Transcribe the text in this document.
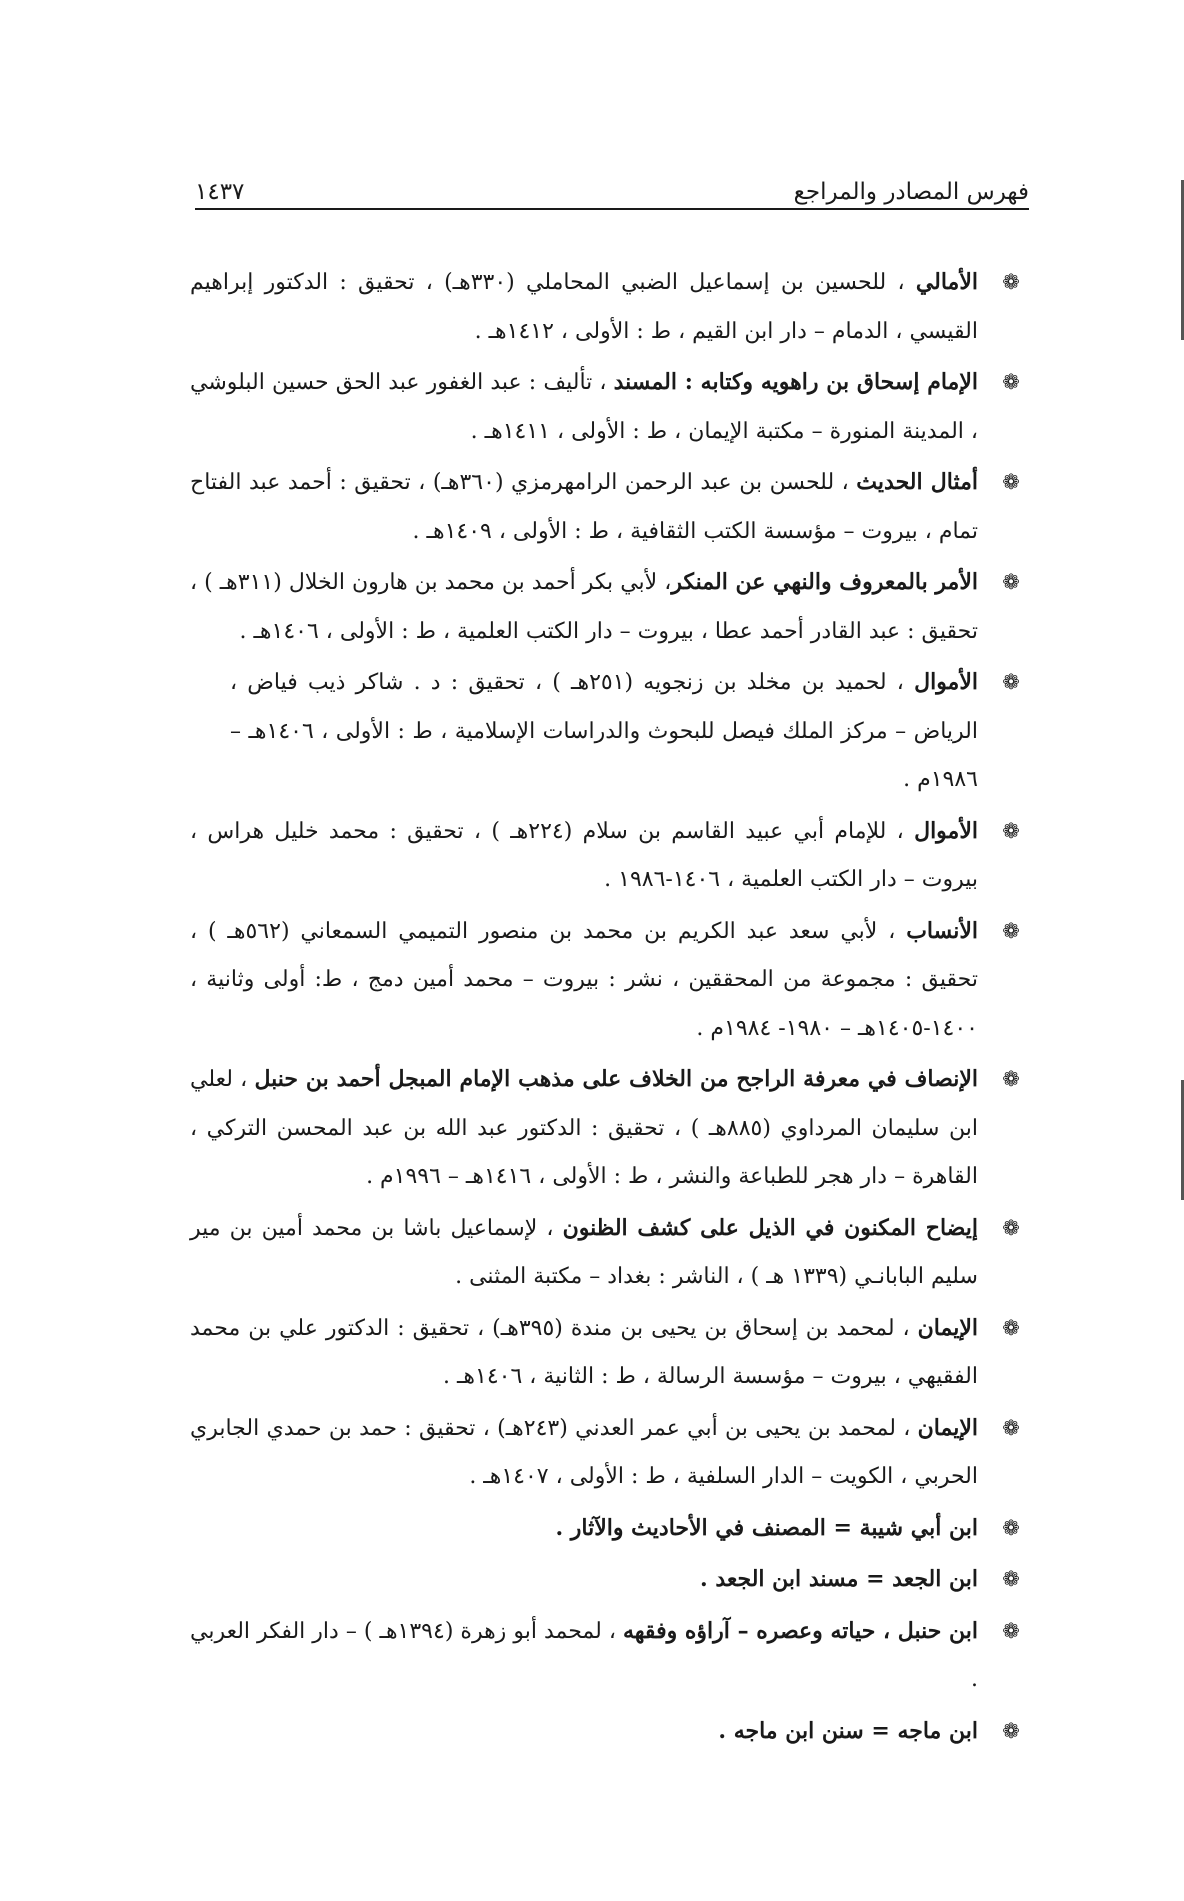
فهرس المصادر والمراجع
١٤٣٧
❁
الأمالي ، للحسين بن إسماعيل الضبي المحاملي (٣٣٠هـ) ، تحقيق : الدكتور إبراهيم القيسي ، الدمام – دار ابن القيم ، ط : الأولى ، ١٤١٢هـ .
❁
الإمام إسحاق بن راهويه وكتابه : المسند ، تأليف : عبد الغفور عبد الحق حسين البلوشي ، المدينة المنورة – مكتبة الإيمان ، ط : الأولى ، ١٤١١هـ .
❁
أمثال الحديث ، للحسن بن عبد الرحمن الرامهرمزي (٣٦٠هـ) ، تحقيق : أحمد عبد الفتاح تمام ، بيروت – مؤسسة الكتب الثقافية ، ط : الأولى ، ١٤٠٩هـ .
❁
الأمر بالمعروف والنهي عن المنكر، لأبي بكر أحمد بن محمد بن هارون الخلال (٣١١هـ ) ، تحقيق : عبد القادر أحمد عطا ، بيروت – دار الكتب العلمية ، ط : الأولى ، ١٤٠٦هـ .
❁
الأموال ، لحميد بن مخلد بن زنجويه (٢٥١هـ ) ، تحقيق : د . شاكر ذيب فياض ، الرياض – مركز الملك فيصل للبحوث والدراسات الإسلامية ، ط : الأولى ، ١٤٠٦هـ – ١٩٨٦م .
❁
الأموال ، للإمام أبي عبيد القاسم بن سلام (٢٢٤هـ ) ، تحقيق : محمد خليل هراس ، بيروت – دار الكتب العلمية ، ١٤٠٦-١٩٨٦ .
❁
الأنساب ، لأبي سعد عبد الكريم بن محمد بن منصور التميمي السمعاني (٥٦٢هـ ) ، تحقيق : مجموعة من المحققين ، نشر : بيروت – محمد أمين دمج ، ط: أولى وثانية ، ١٤٠٠-١٤٠٥هـ – ١٩٨٠- ١٩٨٤م .
❁
الإنصاف في معرفة الراجح من الخلاف على مذهب الإمام المبجل أحمد بن حنبل ، لعلي ابن سليمان المرداوي (٨٨٥هـ ) ، تحقيق : الدكتور عبد الله بن عبد المحسن التركي ، القاهرة – دار هجر للطباعة والنشر ، ط : الأولى ، ١٤١٦هـ – ١٩٩٦م .
❁
إيضاح المكنون في الذيل على كشف الظنون ، لإسماعيل باشا بن محمد أمين بن مير سليم البابانـي (١٣٣٩ هـ ) ، الناشر : بغداد – مكتبة المثنى .
❁
الإيمان ، لمحمد بن إسحاق بن يحيى بن مندة (٣٩٥هـ) ، تحقيق : الدكتور علي بن محمد الفقيهي ، بيروت – مؤسسة الرسالة ، ط : الثانية ، ١٤٠٦هـ .
❁
الإيمان ، لمحمد بن يحيى بن أبي عمر العدني (٢٤٣هـ) ، تحقيق : حمد بن حمدي الجابري الحربي ، الكويت – الدار السلفية ، ط : الأولى ، ١٤٠٧هـ .
❁
ابن أبي شيبة = المصنف في الأحاديث والآثار .
❁
ابن الجعد = مسند ابن الجعد .
❁
ابن حنبل ، حياته وعصره – آراؤه وفقهه ، لمحمد أبو زهرة (١٣٩٤هـ ) – دار الفكر العربي .
❁
ابن ماجه = سنن ابن ماجه .
